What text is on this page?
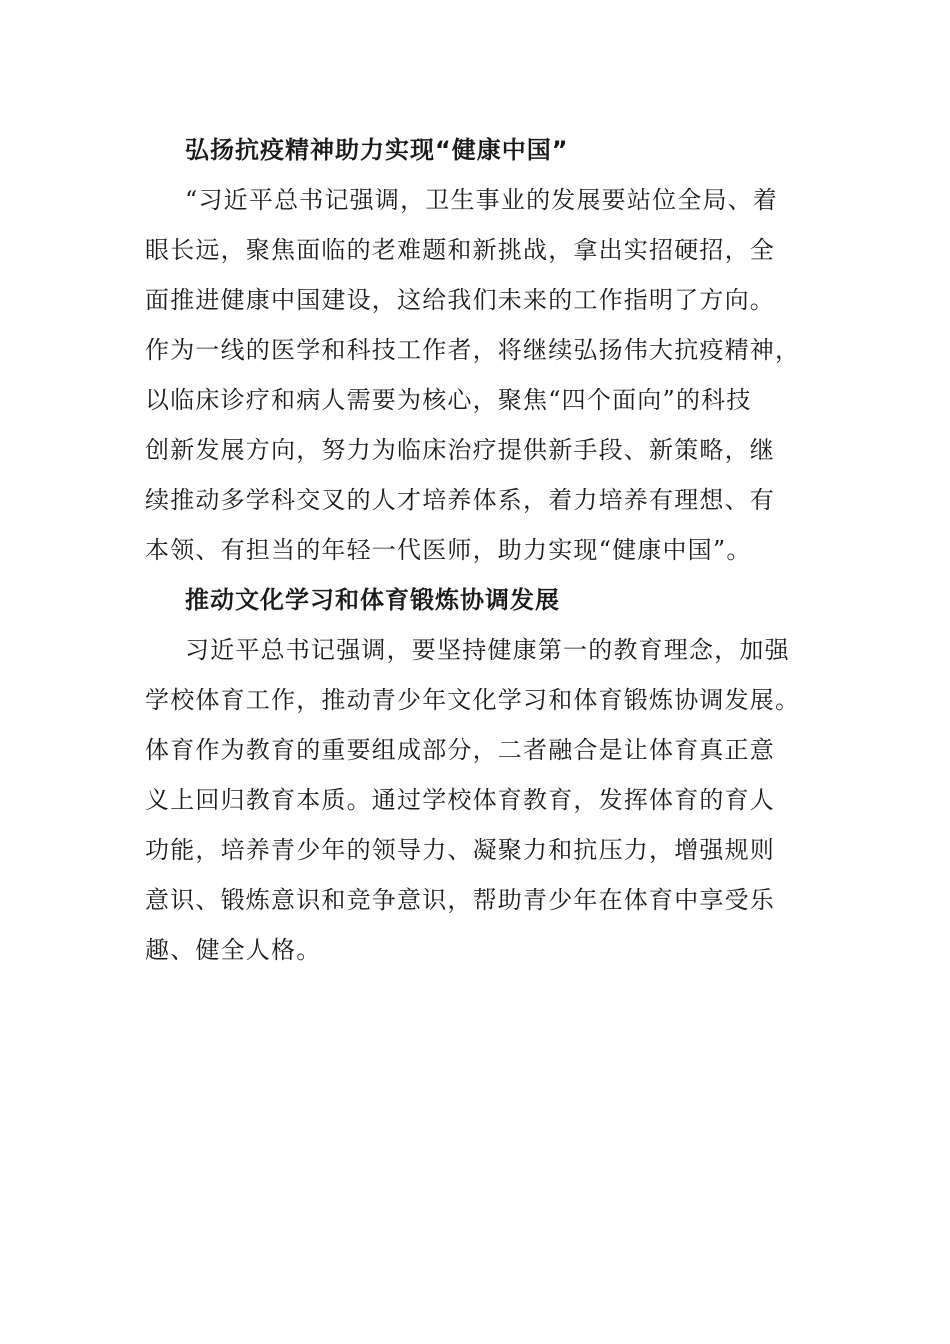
弘扬抗疫精神助力实现“健康中国”
“习近平总书记强调，卫生事业的发展要站位全局、着
眼长远，聚焦面临的老难题和新挑战，拿出实招硬招，全
面推进健康中国建设，这给我们未来的工作指明了方向。
作为一线的医学和科技工作者，将继续弘扬伟大抗疫精神，
以临床诊疗和病人需要为核心，聚焦“四个面向”的科技
创新发展方向，努力为临床治疗提供新手段、新策略，继
续推动多学科交叉的人才培养体系，着力培养有理想、有
本领、有担当的年轻一代医师，助力实现“健康中国”。
推动文化学习和体育锻炼协调发展
习近平总书记强调，要坚持健康第一的教育理念，加强
学校体育工作，推动青少年文化学习和体育锻炼协调发展。
体育作为教育的重要组成部分，二者融合是让体育真正意
义上回归教育本质。通过学校体育教育，发挥体育的育人
功能，培养青少年的领导力、凝聚力和抗压力，增强规则
意识、锻炼意识和竞争意识，帮助青少年在体育中享受乐
趣、健全人格。
